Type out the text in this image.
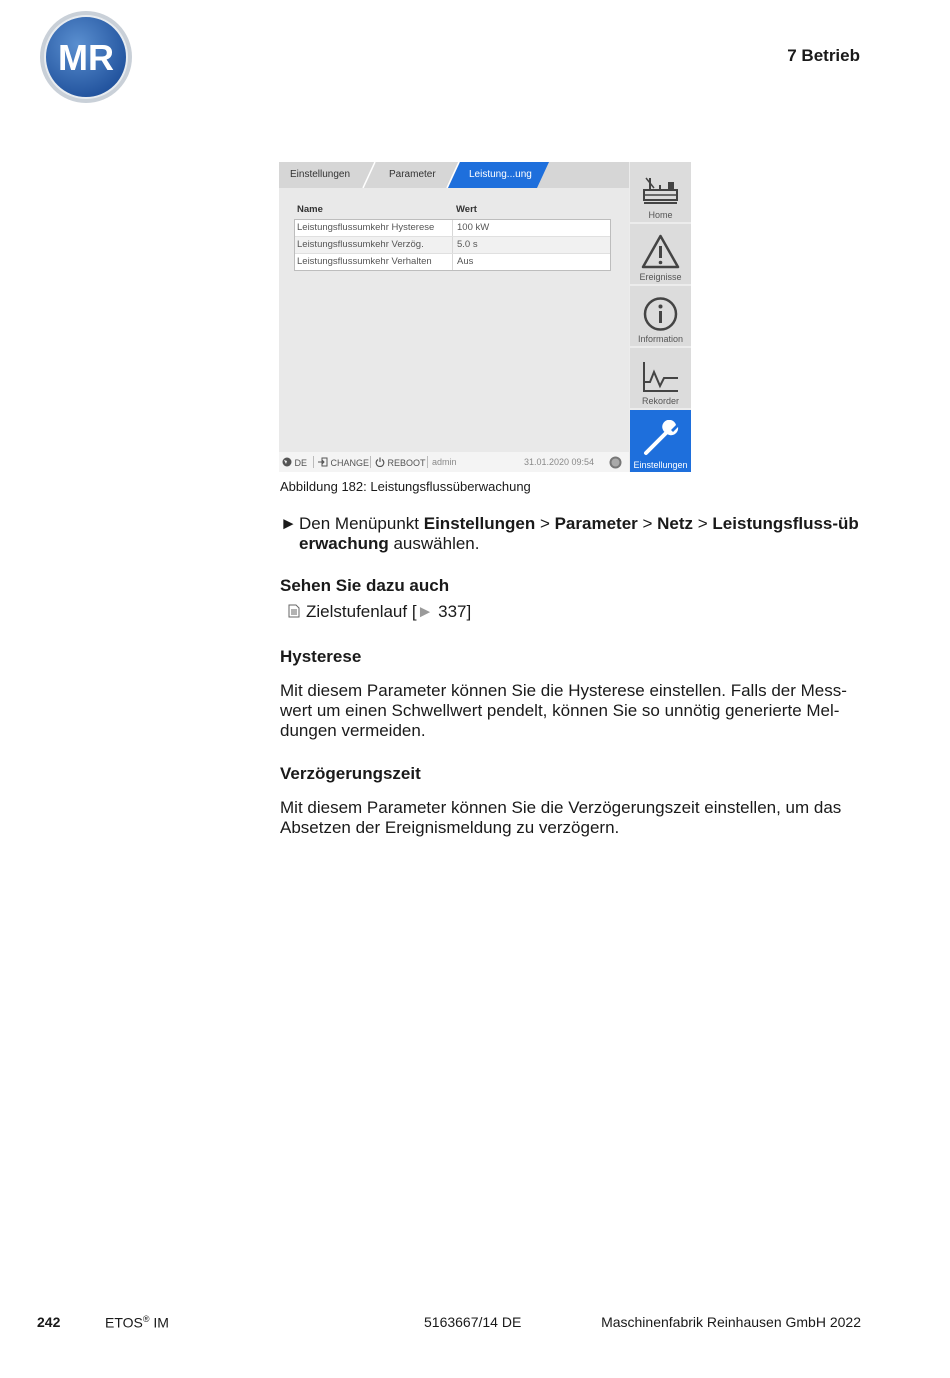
MR	7 Betrieb
Einstellungen	Parameter	Leistung...ung
Name	Wert
Leistungsflussumkehr Hysterese 100 kW
Leistungsflussumkehr Verzög.	5.0 s
Leistungsflussumkehr Verhalten	Aus
DE	CHANGE	REBOOT admin	31.01.2020 09:54
Home
Ereignisse
Information
Rekorder
Einstellungen
Abbildung 182: Leistungsflussüberwachung
► Den Menüpunkt Einstellungen > Parameter > Netz > Leistungsfluss-überwachung auswählen.
Sehen Sie dazu auch
Zielstufenlauf [► 337]
Hysterese
Mit diesem Parameter können Sie die Hysterese einstellen. Falls der Mess-wert um einen Schwellwert pendelt, können Sie so unnötig generierte Mel-dungen vermeiden.
Verzögerungszeit
Mit diesem Parameter können Sie die Verzögerungszeit einstellen, um das Absetzen der Ereignismeldung zu verzögern.
242	ETOS® IM	5163667/14 DE	Maschinenfabrik Reinhausen GmbH 2022
